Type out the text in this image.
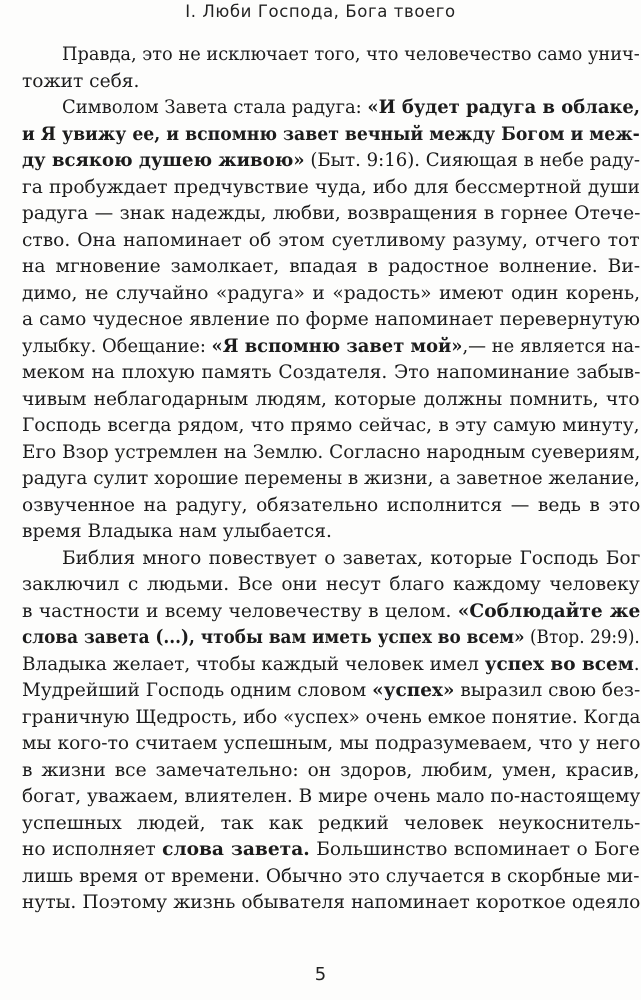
I. Люби Господа, Бога твоего
Правда, это не исключает того, что человечество само унич-
тожит себя.
Символом Завета стала радуга: «И будет радуга в облаке,
и Я увижу ее, и вспомню завет вечный между Богом и меж-
ду всякою душею живою» (Быт. 9:16). Сияющая в небе раду-
га пробуждает предчувствие чуда, ибо для бессмертной души
радуга — знак надежды, любви, возвращения в горнее Отече-
ство. Она напоминает об этом суетливому разуму, отчего тот
на мгновение замолкает, впадая в радостное волнение. Ви-
димо, не случайно «радуга» и «радость» имеют один корень,
а само чудесное явление по форме напоминает перевернутую
улыбку. Обещание: «Я вспомню завет мой»,— не является на-
меком на плохую память Создателя. Это напоминание забыв-
чивым неблагодарным людям, которые должны помнить, что
Господь всегда рядом, что прямо сейчас, в эту самую минуту,
Его Взор устремлен на Землю. Согласно народным суевериям,
радуга сулит хорошие перемены в жизни, а заветное желание,
озвученное на радугу, обязательно исполнится — ведь в это
время Владыка нам улыбается.
Библия много повествует о заветах, которые Господь Бог
заключил с людьми. Все они несут благо каждому человеку
в частности и всему человечеству в целом. «Соблюдайте же
слова завета (...), чтобы вам иметь успех во всем» (Втор. 29:9).
Владыка желает, чтобы каждый человек имел успех во всем.
Мудрейший Господь одним словом «успех» выразил свою без-
граничную Щедрость, ибо «успех» очень емкое понятие. Когда
мы кого-то считаем успешным, мы подразумеваем, что у него
в жизни все замечательно: он здоров, любим, умен, красив,
богат, уважаем, влиятелен. В мире очень мало по-настоящему
успешных людей, так как редкий человек неукоснитель-
но исполняет слова завета. Большинство вспоминает о Боге
лишь время от времени. Обычно это случается в скорбные ми-
нуты. Поэтому жизнь обывателя напоминает короткое одеяло
5
